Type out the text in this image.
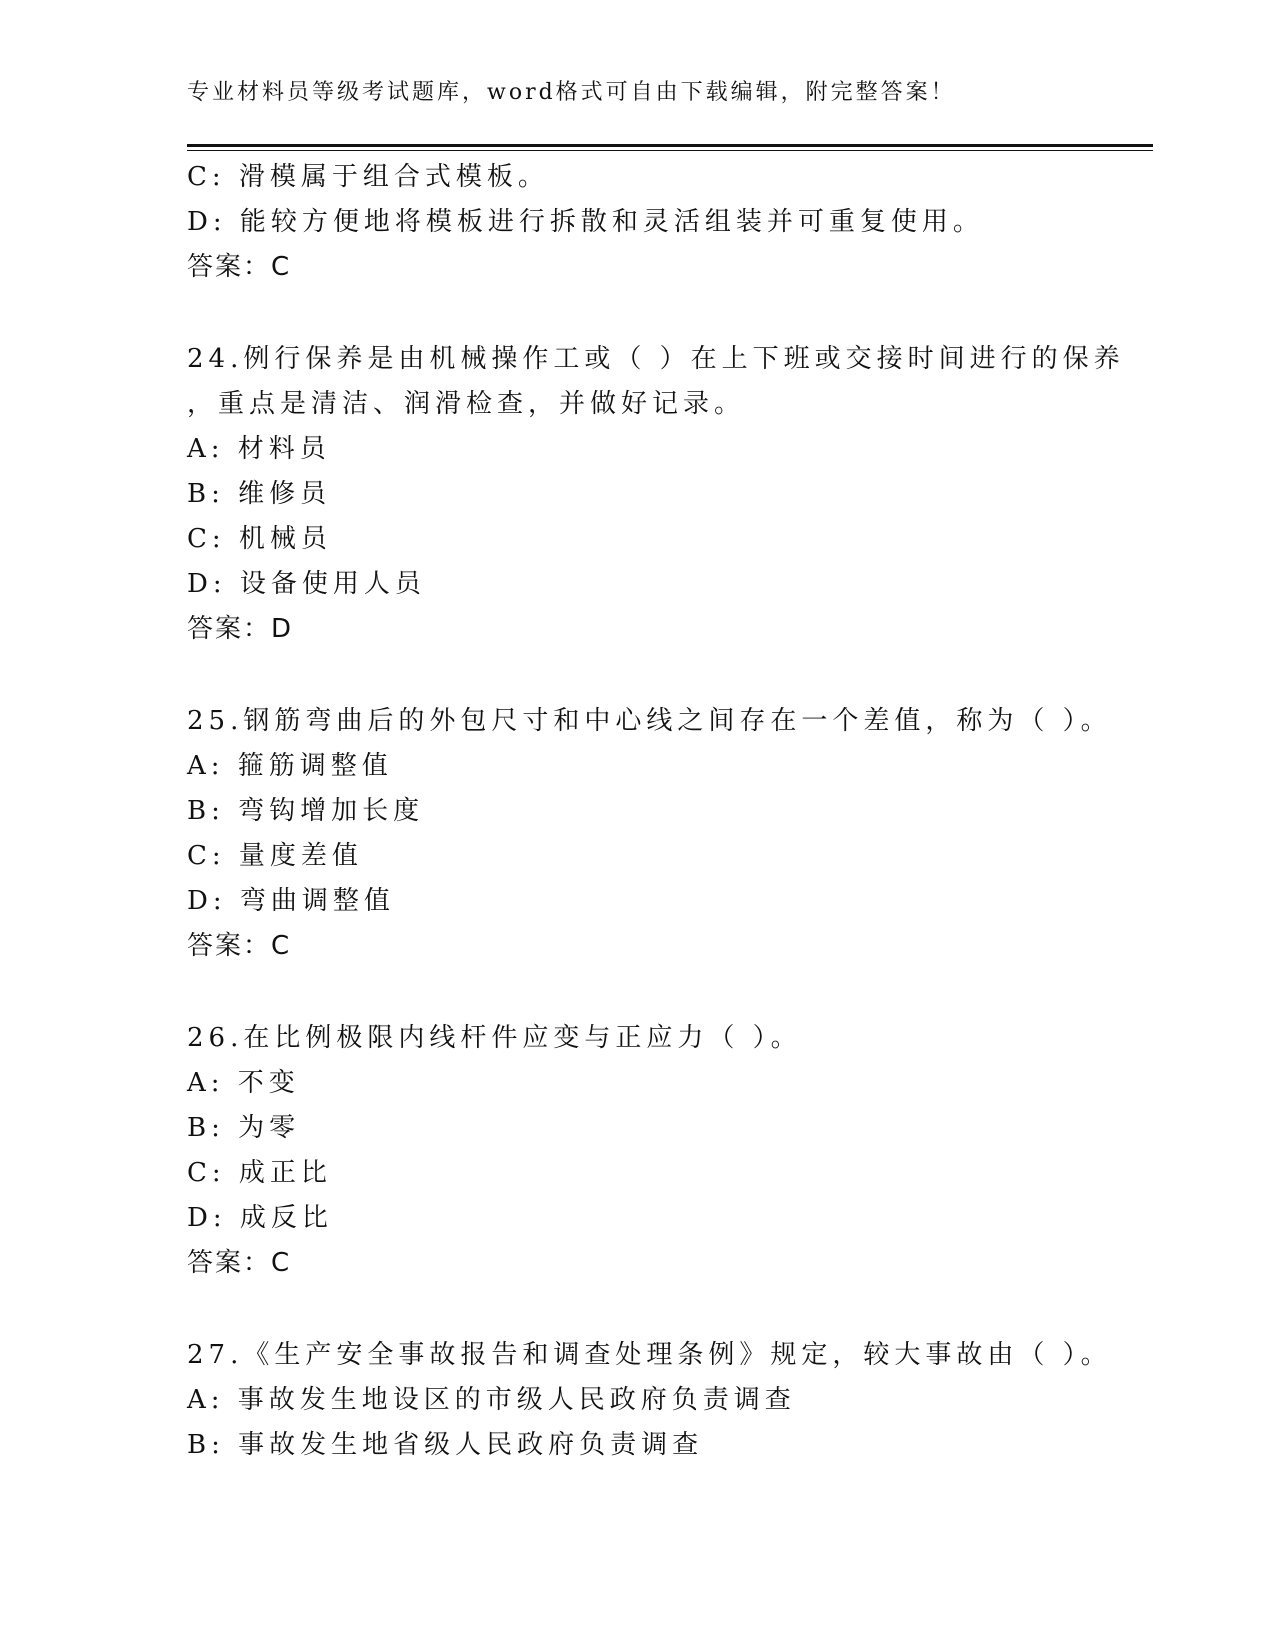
专业材料员等级考试题库，word格式可自由下载编辑，附完整答案！
C: 滑模属于组合式模板。
D: 能较方便地将模板进行拆散和灵活组装并可重复使用。
答案：C
24.例行保养是由机械操作工或（ ）在上下班或交接时间进行的保养
，重点是清洁、润滑检查，并做好记录。
A: 材料员
B: 维修员
C: 机械员
D: 设备使用人员
答案：D
25.钢筋弯曲后的外包尺寸和中心线之间存在一个差值，称为（ ）。
A: 箍筋调整值
B: 弯钩增加长度
C: 量度差值
D: 弯曲调整值
答案：C
26.在比例极限内线杆件应变与正应力（ ）。
A: 不变
B: 为零
C: 成正比
D: 成反比
答案：C
27.《生产安全事故报告和调查处理条例》规定，较大事故由（ ）。
A: 事故发生地设区的市级人民政府负责调查
B: 事故发生地省级人民政府负责调查
